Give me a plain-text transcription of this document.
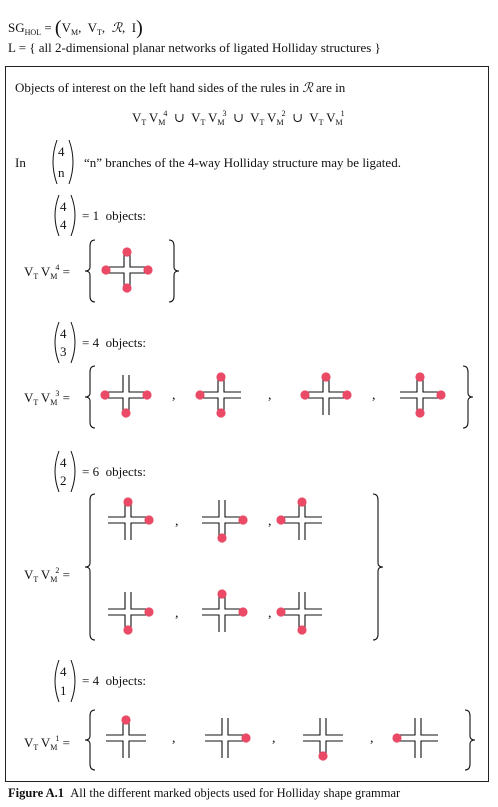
$SG_{HOL} = (V_M$,  $V_T$,  ℛ,  I)
L = { all 2-dimensional planar networks of ligated Holliday structures }
Objects of interest on the left hand sides of the rules in ℛ are in
$V_T$ $V_M^4$ ∪ $V_T$ $V_M^3$ ∪ $V_T$ $V_M^2$ ∪ $V_T$ $V_M^1$
In	“n” branches of the 4-way Holliday structure may be ligated.
4
n
4
4
= 1 objects:
4
3
= 4 objects:
4
2
= 6 objects:
4
1
= 4 objects:
$V_T$ $V_M^4$ =
$V_T$ $V_M^3$ =
$V_T$ $V_M^2$ =
$V_T$ $V_M^1$ =
Figure A.1 All the different marked objects used for Holliday shape grammar
,	,	,
,	,
,	,
,	,	,
